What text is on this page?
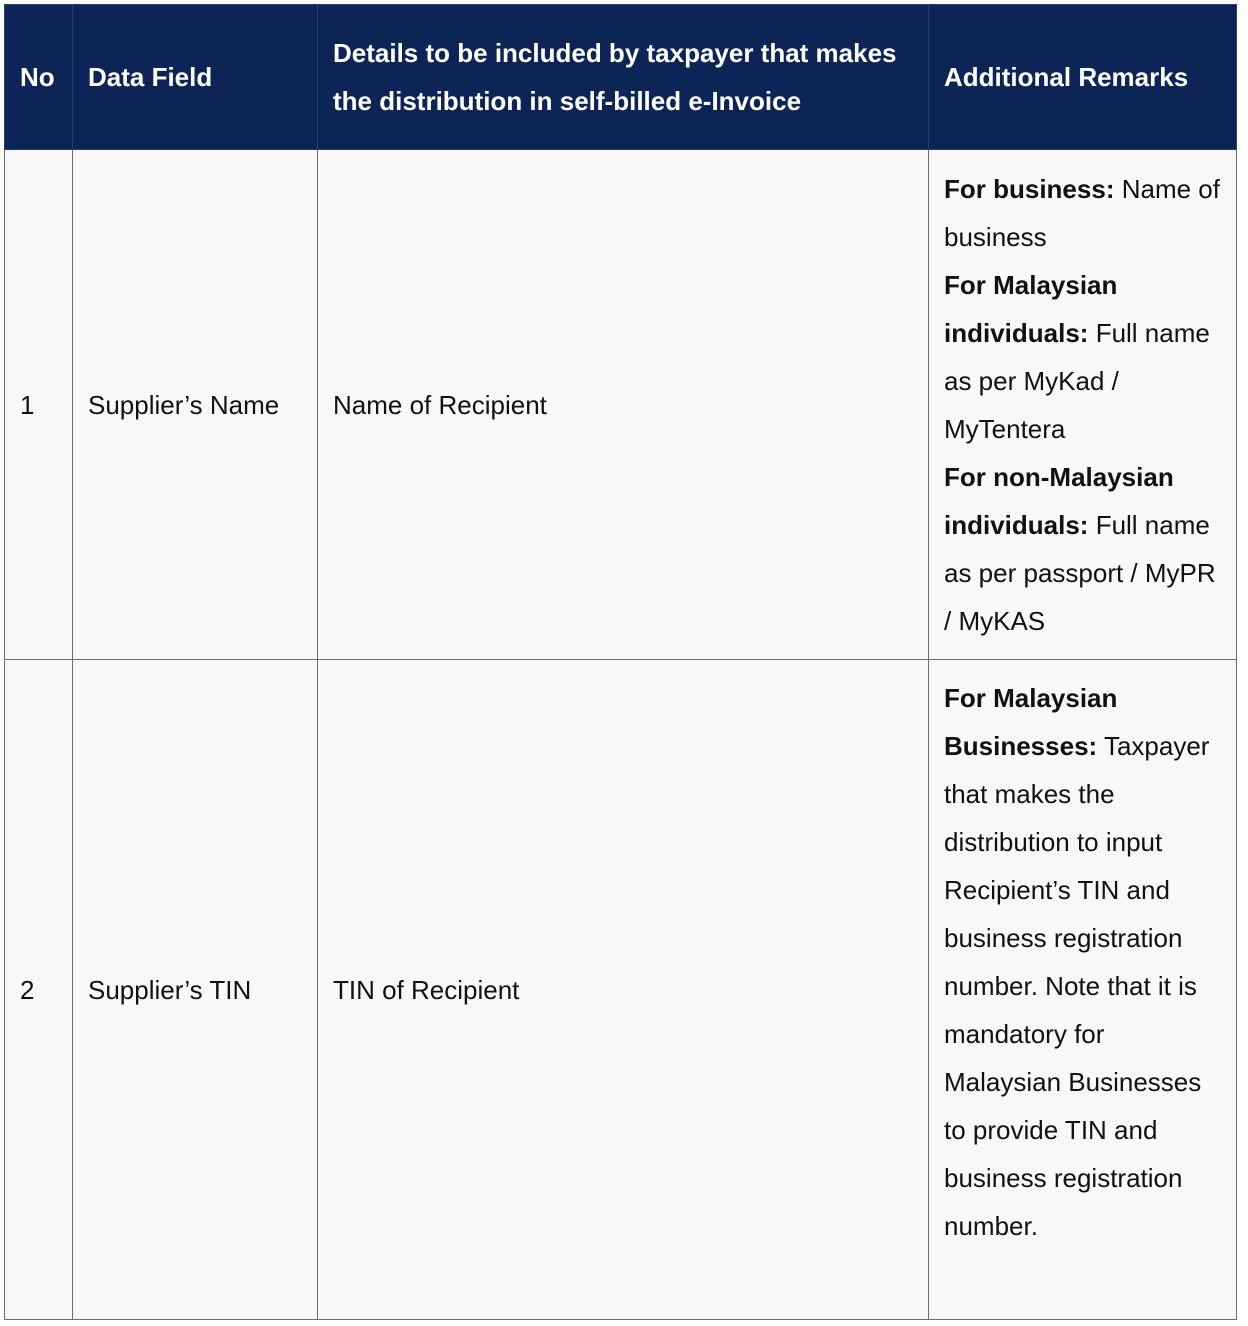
No	Data Field	Details to be included by taxpayer that makes the distribution in self-billed e-Invoice	Additional Remarks
1	Supplier’s Name	Name of Recipient	For business: Name of business
For Malaysian individuals: Full name as per MyKad / MyTentera
For non-Malaysian individuals: Full name as per passport / MyPR / MyKAS

2	Supplier’s TIN	TIN of Recipient	For Malaysian Businesses: Taxpayer that makes the distribution to input Recipient’s TIN and business registration number. Note that it is mandatory for Malaysian Businesses to provide TIN and business registration number.
